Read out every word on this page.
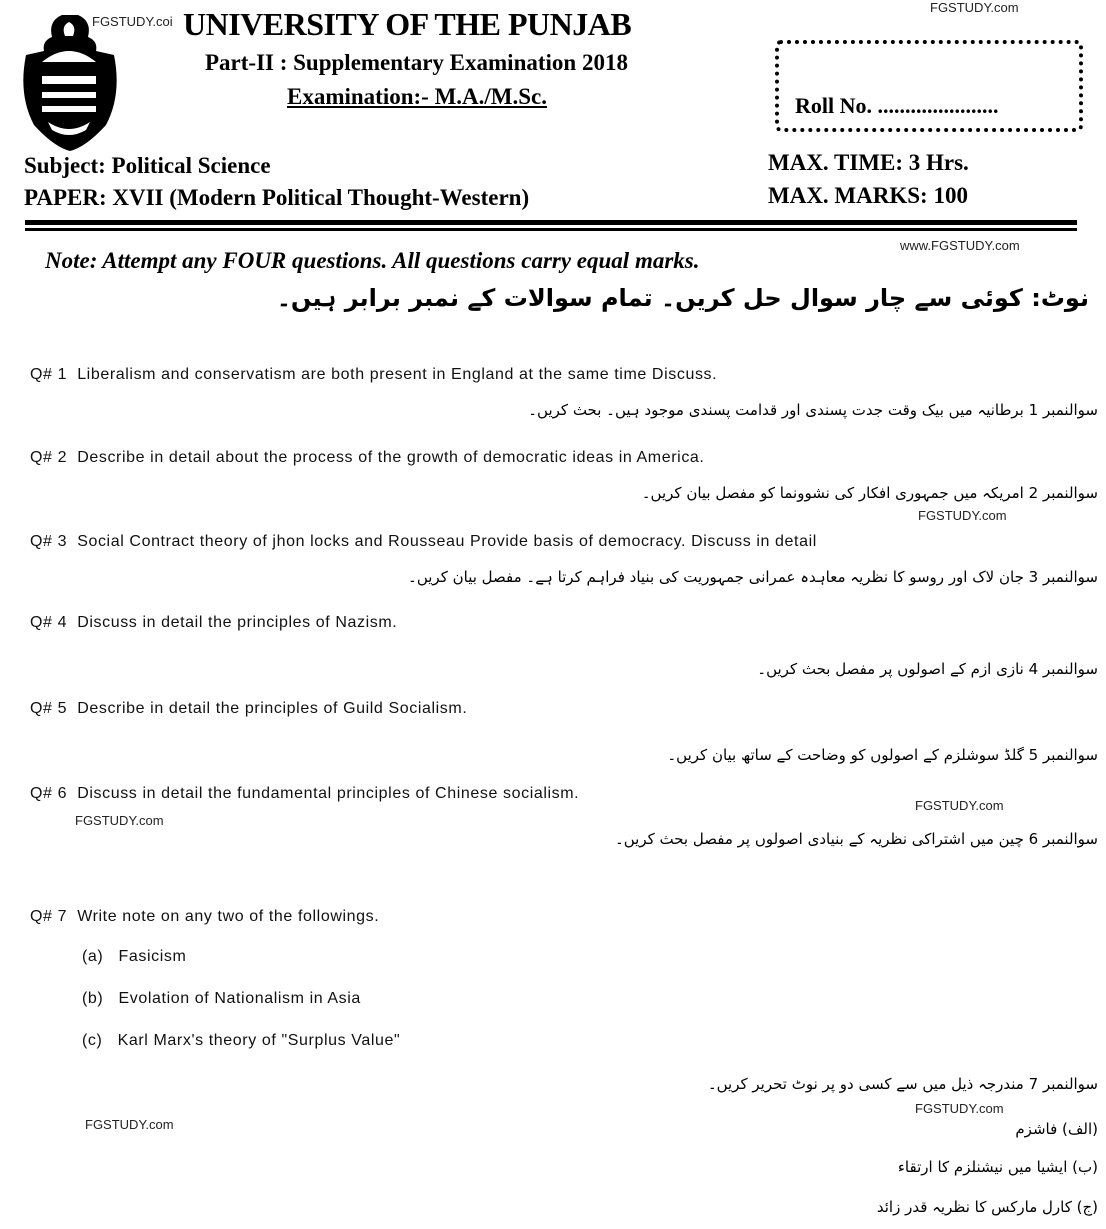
FGSTUDY.com
FGSTUDY.coi
www.FGSTUDY.com
FGSTUDY.com
FGSTUDY.com
FGSTUDY.com
FGSTUDY.com
FGSTUDY.com
UNIVERSITY OF THE PUNJAB
Part-II : Supplementary Examination 2018
Examination:- M.A./M.Sc.	Roll No. ......................
Subject: Political Science
PAPER: XVII (Modern Political Thought-Western)
MAX. TIME: 3 Hrs.
MAX. MARKS: 100
Note: Attempt any FOUR questions. All questions carry equal marks.
نوٹ: کوئی سے چار سوال حل کریں۔ تمام سوالات کے نمبر برابر ہیں۔
Q# 1 Liberalism and conservatism are both present in England at the same time Discuss.
سوالنمبر 1 برطانیہ میں بیک وقت جدت پسندی اور قدامت پسندی موجود ہیں۔ بحث کریں۔
Q# 2 Describe in detail about the process of the growth of democratic ideas in America.
سوالنمبر 2 امریکہ میں جمہوری افکار کی نشوونما کو مفصل بیان کریں۔
Q# 3 Social Contract theory of jhon locks and Rousseau Provide basis of democracy. Discuss in detail
سوالنمبر 3 جان لاک اور روسو کا نظریہ معاہدہ عمرانی جمہوریت کی بنیاد فراہم کرتا ہے۔ مفصل بیان کریں۔
Q# 4 Discuss in detail the principles of Nazism.
سوالنمبر 4 نازی ازم کے اصولوں پر مفصل بحث کریں۔
Q# 5 Describe in detail the principles of Guild Socialism.
سوالنمبر 5 گلڈ سوشلزم کے اصولوں کو وضاحت کے ساتھ بیان کریں۔
Q# 6 Discuss in detail the fundamental principles of Chinese socialism.
سوالنمبر 6 چین میں اشتراکی نظریہ کے بنیادی اصولوں پر مفصل بحث کریں۔
Q# 7 Write note on any two of the followings.
(a) Fasicism
(b) Evolation of Nationalism in Asia
(c) Karl Marx's theory of "Surplus Value"
سوالنمبر 7 مندرجہ ذیل میں سے کسی دو پر نوٹ تحریر کریں۔
(الف) فاشزم
(ب) ایشیا میں نیشنلزم کا ارتقاء
(ج) کارل مارکس کا نظریہ قدر زائد
